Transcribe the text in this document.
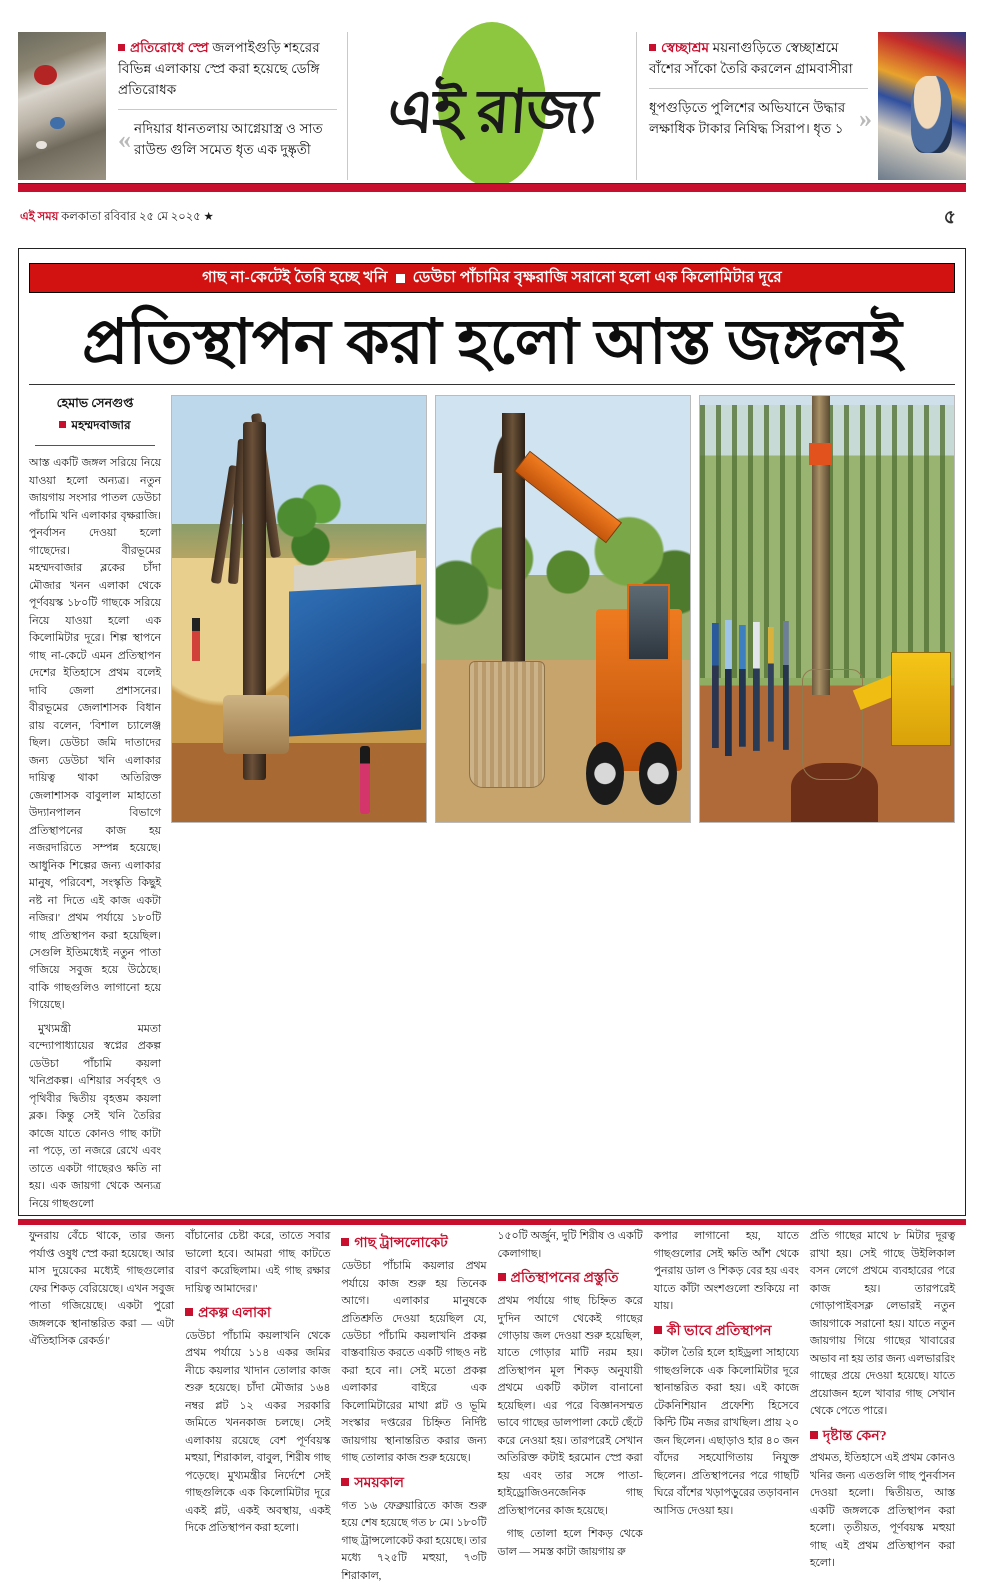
প্রতিরোধে স্প্রে জলপাইগুড়ি শহরের বিভিন্ন এলাকায় স্প্রে করা হয়েছে ডেঙ্গি প্রতিরোধক
« নদিয়ার ধানতলায় আগ্নেয়াস্ত্র ও সাত রাউন্ড গুলি সমেত ধৃত এক দুষ্কৃতী
এই রাজ্য
স্বেচ্ছাশ্রম ময়নাগুড়িতে স্বেচ্ছাশ্রমে বাঁশের সাঁকো তৈরি করলেন গ্রামবাসীরা
ধূপগুড়িতে পুলিশের অভিযানে উদ্ধার লক্ষাধিক টাকার নিষিদ্ধ সিরাপ। ধৃত ১ »
এই সময় কলকাতা রবিবার ২৫ মে ২০২৫ ★	৫
গাছ না-কেটেই তৈরি হচ্ছে খনি ডেউচা পাঁচামির বৃক্ষরাজি সরানো হলো এক কিলোমিটার দূরে
প্রতিস্থাপন করা হলো আস্ত জঙ্গলই
হেমাভ সেনগুপ্ত
মহম্মদবাজার

আস্ত একটি জঙ্গল সরিয়ে নিয়ে যাওয়া হলো অন্যত্র। নতুন জায়গায় সংসার পাতল ডেউচা পাঁচামি খনি এলাকার বৃক্ষরাজি। পুনর্বাসন দেওয়া হলো গাছেদের। বীরভূমের মহম্মদবাজার ব্লকের চাঁদা মৌজার খনন এলাকা থেকে পূর্ণবয়স্ক ১৮০টি গাছকে সরিয়ে নিয়ে যাওয়া হলো এক কিলোমিটার দূরে। শিল্প স্থাপনে গাছ না-কেটে এমন প্রতিস্থাপন দেশের ইতিহাসে প্রথম বলেই দাবি জেলা প্রশাসনের। বীরভূমের জেলাশাসক বিধান রায় বলেন, 'বিশাল চ্যালেঞ্জ ছিল। ডেউচা জমি দাতাদের জন্য ডেউচা খনি এলাকার দায়িত্ব থাকা অতিরিক্ত জেলাশাসক বাবুলাল মাহাতো উদ্যানপালন বিভাগে প্রতিস্থাপনের কাজ হয় নজরদারিতে সম্পন্ন হয়েছে। আধুনিক শিল্পের জন্য এলাকার মানুষ, পরিবেশ, সংস্কৃতি কিছুই নষ্ট না দিতে এই কাজ একটা নজির।' প্রথম পর্যায়ে ১৮০টি গাছ প্রতিস্থাপন করা হয়েছিল। সেগুলি ইতিমধ্যেই নতুন পাতা গজিয়ে সবুজ হয়ে উঠেছে। বাকি গাছগুলিও লাগানো হয়ে গিয়েছে।

মুখ্যমন্ত্রী মমতা বন্দ্যোপাধ্যায়ের স্বপ্নের প্রকল্প ডেউচা পাঁচামি কয়লা খনিপ্রকল্প। এশিয়ার সর্ববৃহৎ ও পৃথিবীর দ্বিতীয় বৃহত্তম কয়লা ব্লক। কিন্তু সেই খনি তৈরির কাজে যাতে কোনও গাছ কাটা না পড়ে, তা নজরে রেখে এবং তাতে একটা গাছেরও ক্ষতি না হয়। এক জায়গা থেকে অন্যত্র নিয়ে গাছগুলো

ফুনরায় বেঁচে থাকে, তার জন্য পর্যাপ্ত ওষুধ স্প্রে করা হয়েছে। আর মাস দুয়েকের মধ্যেই গাছগুলোর ফের শিকড় বেরিয়েছে। এখন সবুজ পাতা গজিয়েছে। একটা পুরো জঙ্গলকে স্থানান্তরিত করা — এটা ঐতিহাসিক রেকর্ড।'

বাঁচানোর চেষ্টা করে, তাতে সবার ভালো হবে। আমরা গাছ কাটতে বারণ করেছিলাম। এই গাছ রক্ষার দায়িত্ব আমাদের।'

প্রকল্প এলাকা

ডেউচা পাঁচামি কয়লাখনি থেকে প্রথম পর্যায়ে ১১৪ একর জমির নীচে কয়লার খাদান তোলার কাজ শুরু হয়েছে। চাঁদা মৌজার ১৬৪ নম্বর প্লট ১২ একর সরকারি জমিতে খননকাজ চলছে। সেই এলাকায় রয়েছে বেশ পূর্ণবয়স্ক মহুয়া, শিরাকাল, বাবুল, শিরীষ গাছ পড়েছে। মুখ্যমন্ত্রীর নির্দেশে সেই গাছগুলিকে এক কিলোমিটার দূরে একই প্লট, একই অবস্থায়, একই দিকে প্রতিস্থাপন করা হলো।

গাছ ট্রান্সলোকেট

ডেউচা পাঁচামি কয়লার প্রথম পর্যায়ে কাজ শুরু হয় তিনেক আগে। এলাকার মানুষকে প্রতিশ্রুতি দেওয়া হয়েছিল যে, ডেউচা পাঁচামি কয়লাখনি প্রকল্প বাস্তবায়িত করতে একটি গাছও নষ্ট করা হবে না। সেই মতো প্রকল্প এলাকার বাইরে এক কিলোমিটারের মাথা প্লট ও ভূমি সংস্কার দপ্তরের চিহ্নিত নির্দিষ্ট জায়গায় স্থানান্তরিত করার জন্য গাছ তোলার কাজ শুরু হয়েছে।

সময়কাল

গত ১৬ ফেব্রুয়ারিতে কাজ শুরু হয়ে শেষ হয়েছে গত ৮ মে। ১৮০টি গাছ ট্রান্সলোকেট করা হয়েছে। তার মধ্যে ৭২৫টি মহুয়া, ৭৩টি শিরাকাল,

১৫০টি অর্জুন, দুটি শিরীষ ও একটি কেলাগাছ।

প্রতিস্থাপনের প্রস্তুতি

প্রথম পর্যায়ে গাছ চিহ্নিত করে দু'দিন আগে থেকেই গাছের গোড়ায় জল দেওয়া শুরু হয়েছিল, যাতে গোড়ার মাটি নরম হয়। প্রতিস্থাপন মূল শিকড় অনুযায়ী প্রথমে একটি কটাল বানানো হয়েছিল। এর পরে বিজ্ঞানসম্মত ভাবে গাছের ডালপালা কেটে ছেঁটে করে নেওয়া হয়। তারপরেই সেখান অতিরিক্ত কটাই হরমোন স্প্রে করা হয় এবং তার সঙ্গে পাতা-হাইড্রোজিওনজেনিক গাছ প্রতিস্থাপনের কাজ হয়েছে।

গাছ তোলা হলে শিকড় থেকে ডাল — সমস্ত কাটা জায়গায় রু

কপার লাগানো হয়, যাতে গাছগুলোর সেই ক্ষতি আঁশ থেকে পুনরায় ডাল ও শিকড় বের হয় এবং যাতে কাঁটা অংশগুলো শুকিয়ে না যায়।

কী ভাবে প্রতিস্থাপন

কটাল তৈরি হলে হাইড্রলা সাহায্যে গাছগুলিকে এক কিলোমিটার দূরে স্থানান্তরিত করা হয়। এই কাজে টেকনিশিয়ান প্রফেশ্যি হিসেবে কিন্টি টিম নজর রাখছিল। প্রায় ২০ জন ছিলেন। এছাড়াও হার ৪০ জন বাঁদের সহযোগিতায় নিযুক্ত ছিলেন। প্রতিস্থাপনের পরে গাছটি ঘিরে বাঁশের খড়াপড়ুরের তড়াবনান আসিড দেওয়া হয়।

প্রতি গাছের মাথে ৮ মিটার দূরত্ব রাখা হয়। সেই গাছে উইলিকাল বসন লেগে প্রথমে ব্যবহারের পরে কাজ হয়। তারপরেই গোড়াপাইবসক্ল লেভারই নতুন জায়গাকে সরানো হয়। যাতে নতুন জায়গায় গিয়ে গাছের খাবারের অভাব না হয় তার জন্য এলভাররিং গাছের প্রয়ে দেওয়া হয়েছে। যাতে প্রয়োজন হলে খাবার গাছ সেখান থেকে পেতে পারে।

দৃষ্টান্ত কেন?

প্রথমত, ইতিহাসে এই প্রথম কোনও খনির জন্য এতগুলি গাছ পুনর্বাসন দেওয়া হলো। দ্বিতীয়ত, আস্ত একটি জঙ্গলকে প্রতিস্থাপন করা হলো। তৃতীয়ত, পূর্ণবয়স্ক মহুয়া গাছ এই প্রথম প্রতিস্থাপন করা হলো।
